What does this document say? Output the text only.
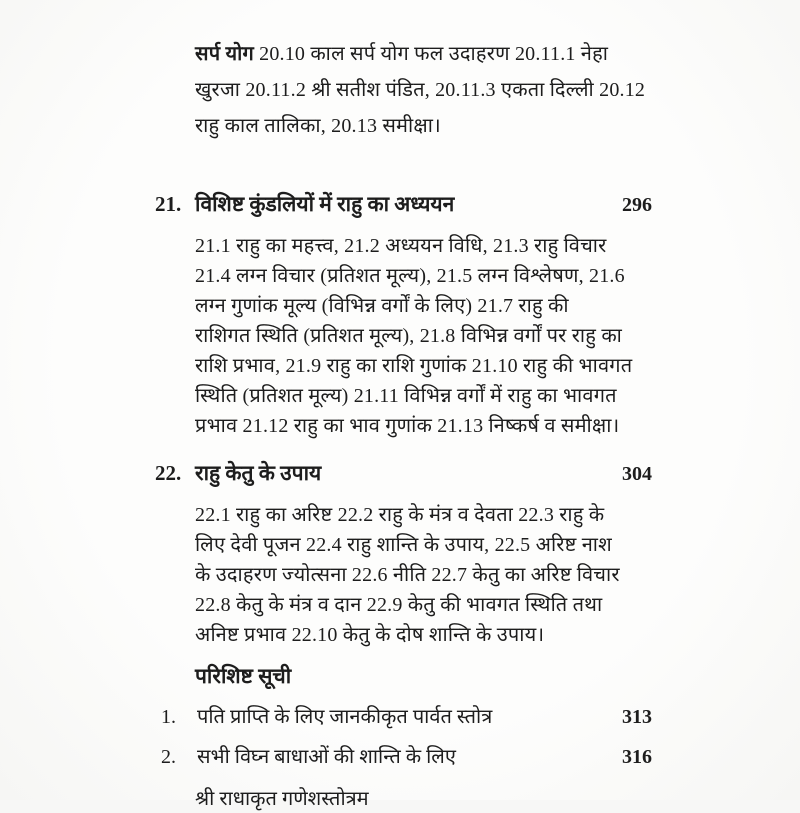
सर्प योग 20.10 काल सर्प योग फल उदाहरण 20.11.1 नेहा
खुरजा 20.11.2 श्री सतीश पंडित, 20.11.3 एकता दिल्ली 20.12
राहु काल तालिका, 20.13 समीक्षा।
21. विशिष्ट कुंडलियों में राहु का अध्ययन	296
21.1 राहु का महत्त्व, 21.2 अध्ययन विधि, 21.3 राहु विचार
21.4 लग्न विचार (प्रतिशत मूल्य), 21.5 लग्न विश्लेषण, 21.6
लग्न गुणांक मूल्य (विभिन्न वर्गों के लिए) 21.7 राहु की
राशिगत स्थिति (प्रतिशत मूल्य), 21.8 विभिन्न वर्गों पर राहु का
राशि प्रभाव, 21.9 राहु का राशि गुणांक 21.10 राहु की भावगत
स्थिति (प्रतिशत मूल्य) 21.11 विभिन्न वर्गों में राहु का भावगत
प्रभाव 21.12 राहु का भाव गुणांक 21.13 निष्कर्ष व समीक्षा।
22. राहु केतु के उपाय	304
22.1 राहु का अरिष्ट 22.2 राहु के मंत्र व देवता 22.3 राहु के
लिए देवी पूजन 22.4 राहु शान्ति के उपाय, 22.5 अरिष्ट नाश
के उदाहरण ज्योत्सना 22.6 नीति 22.7 केतु का अरिष्ट विचार
22.8 केतु के मंत्र व दान 22.9 केतु की भावगत स्थिति तथा
अनिष्ट प्रभाव 22.10 केतु के दोष शान्ति के उपाय।
परिशिष्ट सूची
1.	पति प्राप्ति के लिए जानकीकृत पार्वत स्तोत्र	313
2.	सभी विघ्न बाधाओं की शान्ति के लिए	316
श्री राधाकृत गणेशस्तोत्रम
